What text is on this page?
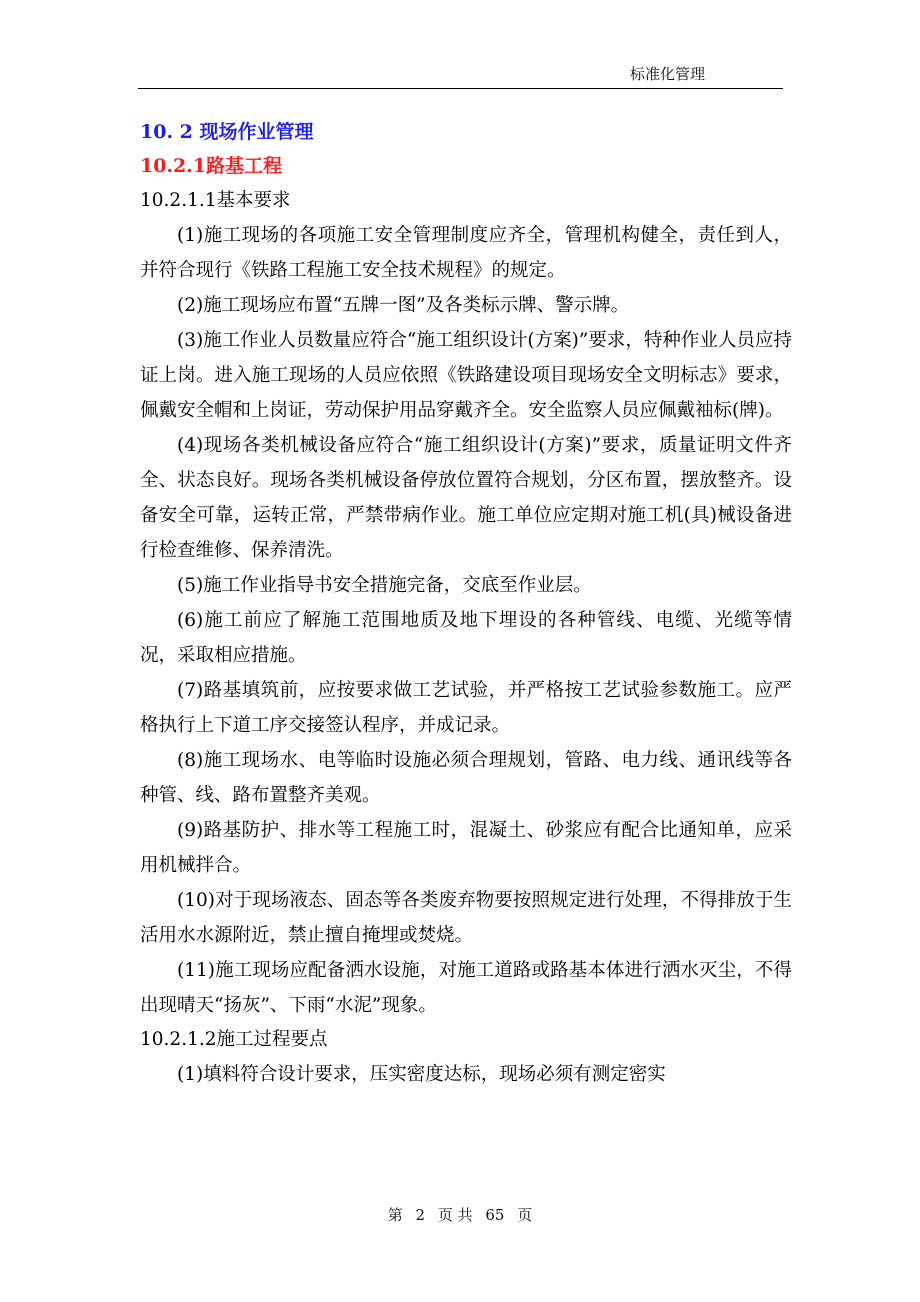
标准化管理
10. 2 现场作业管理
10.2.1路基工程
10.2.1.1基本要求

(1)施工现场的各项施工安全管理制度应齐全，管理机构健全，责任到人，并符合现行《铁路工程施工安全技术规程》的规定。

(2)施工现场应布置“五牌一图”及各类标示牌、警示牌。

(3)施工作业人员数量应符合“施工组织设计(方案)”要求，特种作业人员应持证上岗。进入施工现场的人员应依照《铁路建设项目现场安全文明标志》要求，佩戴安全帽和上岗证，劳动保护用品穿戴齐全。安全监察人员应佩戴袖标(牌)。

(4)现场各类机械设备应符合“施工组织设计(方案)”要求，质量证明文件齐全、状态良好。现场各类机械设备停放位置符合规划，分区布置，摆放整齐。设备安全可靠，运转正常，严禁带病作业。施工单位应定期对施工机(具)械设备进行检查维修、保养清洗。

(5)施工作业指导书安全措施完备，交底至作业层。

(6)施工前应了解施工范围地质及地下埋设的各种管线、电缆、光缆等情况，采取相应措施。

(7)路基填筑前，应按要求做工艺试验，并严格按工艺试验参数施工。应严格执行上下道工序交接签认程序，并成记录。

(8)施工现场水、电等临时设施必须合理规划，管路、电力线、通讯线等各种管、线、路布置整齐美观。

(9)路基防护、排水等工程施工时，混凝土、砂浆应有配合比通知单，应采用机械拌合。

(10)对于现场液态、固态等各类废弃物要按照规定进行处理，不得排放于生活用水水源附近，禁止擅自掩埋或焚烧。

(11)施工现场应配备洒水设施，对施工道路或路基本体进行洒水灭尘，不得出现晴天“扬灰”、下雨“水泥”现象。

10.2.1.2施工过程要点

(1)填料符合设计要求，压实密度达标，现场必须有测定密实

第 2 页 共 65 页
